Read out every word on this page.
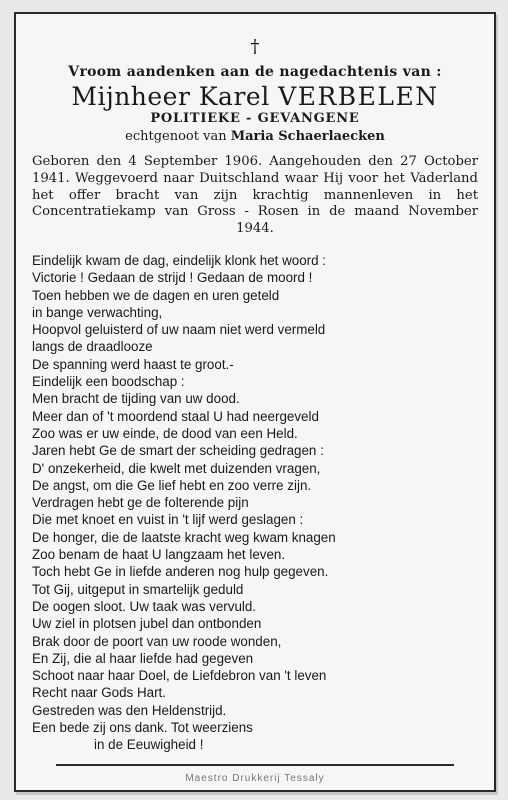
†
Vroom aandenken aan de nagedachtenis van :
Mijnheer Karel VERBELEN
POLITIEKE - GEVANGENE
echtgenoot van Maria Schaerlaecken
Geboren den 4 September 1906. Aangehouden den 27 October 1941. Weggevoerd naar Duitschland waar Hij voor het Vaderland het offer bracht van zijn krachtig mannenleven in het Concentratiekamp van Gross - Rosen in de maand November 1944.
Eindelijk kwam de dag, eindelijk klonk het woord :
Victorie ! Gedaan de strijd ! Gedaan de moord !
Toen hebben we de dagen en uren geteld
in bange verwachting,
Hoopvol geluisterd of uw naam niet werd vermeld
langs de draadlooze
De spanning werd haast te groot.-
Eindelijk een boodschap :
Men bracht de tijding van uw dood.
Meer dan of 't moordend staal U had neergeveld
Zoo was er uw einde, de dood van een Held.
Jaren hebt Ge de smart der scheiding gedragen :
D' onzekerheid, die kwelt met duizenden vragen,
De angst, om die Ge lief hebt en zoo verre zijn.
Verdragen hebt ge de folterende pijn
Die met knoet en vuist in 't lijf werd geslagen :
De honger, die de laatste kracht weg kwam knagen
Zoo benam de haat U langzaam het leven.
Toch hebt Ge in liefde anderen nog hulp gegeven.
Tot Gij, uitgeput in smartelijk geduld
De oogen sloot. Uw taak was vervuld.
Uw ziel in plotsen jubel dan ontbonden
Brak door de poort van uw roode wonden,
En Zij, die al haar liefde had gegeven
Schoot naar haar Doel, de Liefdebron van 't leven
Recht naar Gods Hart.
Gestreden was den Heldenstrijd.
Een bede zij ons dank. Tot weerziens
in de Eeuwigheid !
Maestro Drukkerij Tessaly
